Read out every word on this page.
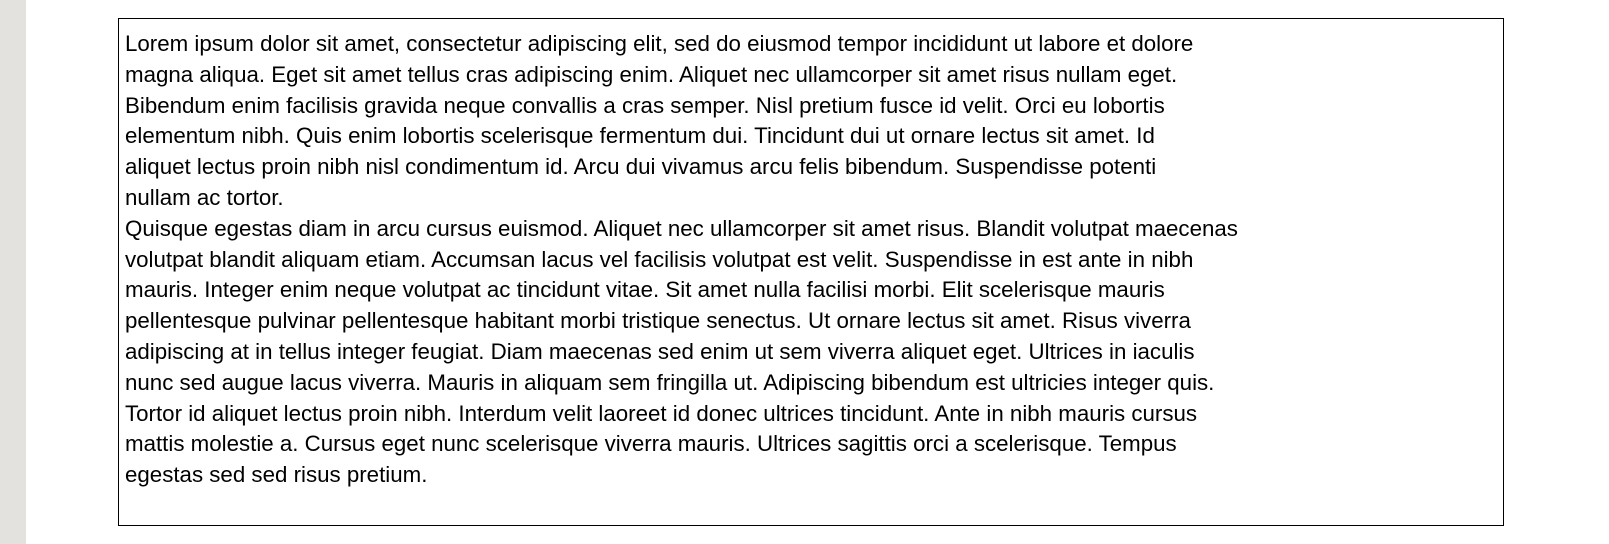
Lorem ipsum dolor sit amet, consectetur adipiscing elit, sed do eiusmod tempor incididunt ut labore et dolore
magna aliqua. Eget sit amet tellus cras adipiscing enim. Aliquet nec ullamcorper sit amet risus nullam eget.
Bibendum enim facilisis gravida neque convallis a cras semper. Nisl pretium fusce id velit. Orci eu lobortis
elementum nibh. Quis enim lobortis scelerisque fermentum dui. Tincidunt dui ut ornare lectus sit amet. Id
aliquet lectus proin nibh nisl condimentum id. Arcu dui vivamus arcu felis bibendum. Suspendisse potenti
nullam ac tortor.
Quisque egestas diam in arcu cursus euismod. Aliquet nec ullamcorper sit amet risus. Blandit volutpat maecenas
volutpat blandit aliquam etiam. Accumsan lacus vel facilisis volutpat est velit. Suspendisse in est ante in nibh
mauris. Integer enim neque volutpat ac tincidunt vitae. Sit amet nulla facilisi morbi. Elit scelerisque mauris
pellentesque pulvinar pellentesque habitant morbi tristique senectus. Ut ornare lectus sit amet. Risus viverra
adipiscing at in tellus integer feugiat. Diam maecenas sed enim ut sem viverra aliquet eget. Ultrices in iaculis
nunc sed augue lacus viverra. Mauris in aliquam sem fringilla ut. Adipiscing bibendum est ultricies integer quis.
Tortor id aliquet lectus proin nibh. Interdum velit laoreet id donec ultrices tincidunt. Ante in nibh mauris cursus
mattis molestie a. Cursus eget nunc scelerisque viverra mauris. Ultrices sagittis orci a scelerisque. Tempus
egestas sed sed risus pretium.
